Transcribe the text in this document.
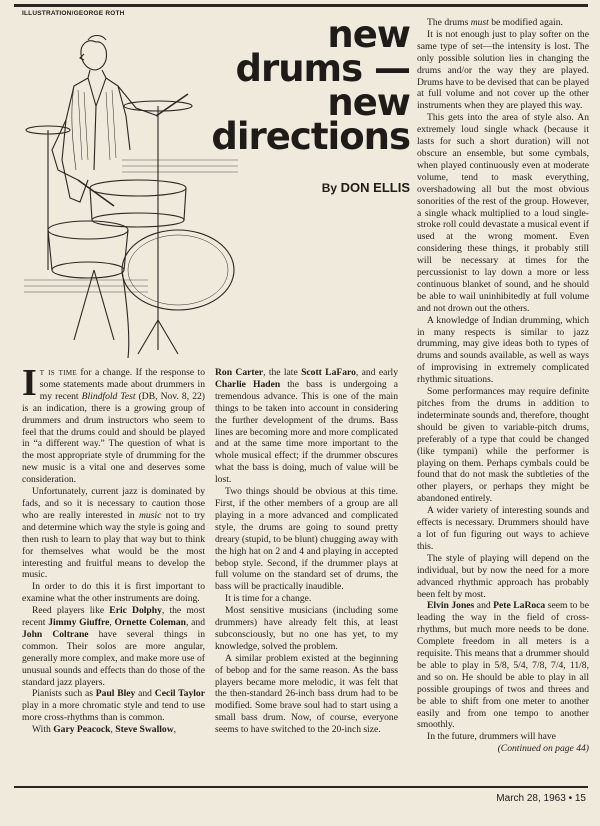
ILLUSTRATION/GEORGE ROTH	new
drums —
new
directions
By DON ELLIS

It is time for a change. If the response to some statements made about drummers in my recent Blindfold Test (DB, Nov. 8, 22) is an indication, there is a growing group of drummers and drum instructors who seem to feel that the drums could and should be played in “a different way.” The question of what is the most appropriate style of drumming for the new music is a vital one and deserves some consideration.

Unfortunately, current jazz is dominated by fads, and so it is necessary to caution those who are really interested in music not to try and determine which way the style is going and then rush to learn to play that way but to think for themselves what would be the most interesting and fruitful means to develop the music.

In order to do this it is first important to examine what the other instruments are doing.

Reed players like Eric Dolphy, the most recent Jimmy Giuffre, Ornette Coleman, and John Coltrane have several things in common. Their solos are more angular, generally more complex, and make more use of unusual sounds and effects than do those of the standard jazz players.

Pianists such as Paul Bley and Cecil Taylor play in a more chromatic style and tend to use more cross-rhythms than is common.

With Gary Peacock, Steve Swallow,

Ron Carter, the late Scott LaFaro, and early Charlie Haden the bass is undergoing a tremendous advance. This is one of the main things to be taken into account in considering the further development of the drums. Bass lines are becoming more and more complicated and at the same time more important to the whole musical effect; if the drummer obscures what the bass is doing, much of value will be lost.

Two things should be obvious at this time. First, if the other members of a group are all playing in a more advanced and complicated style, the drums are going to sound pretty dreary (stupid, to be blunt) chugging away with the high hat on 2 and 4 and playing in accepted bebop style. Second, if the drummer plays at full volume on the standard set of drums, the bass will be practically inaudible.

It is time for a change.

Most sensitive musicians (including some drummers) have already felt this, at least subconsciously, but no one has yet, to my knowledge, solved the problem.

A similar problem existed at the beginning of bebop and for the same reason. As the bass players became more melodic, it was felt that the then-standard 26-inch bass drum had to be modified. Some brave soul had to start using a small bass drum. Now, of course, everyone seems to have switched to the 20-inch size.

The drums must be modified again.

It is not enough just to play softer on the same type of set—the intensity is lost. The only possible solution lies in changing the drums and/or the way they are played. Drums have to be devised that can be played at full volume and not cover up the other instruments when they are played this way.

This gets into the area of style also. An extremely loud single whack (because it lasts for such a short duration) will not obscure an ensemble, but some cymbals, when played continuously even at moderate volume, tend to mask everything, overshadowing all but the most obvious sonorities of the rest of the group. However, a single whack multiplied to a loud single-stroke roll could devastate a musical event if used at the wrong moment. Even considering these things, it probably still will be necessary at times for the percussionist to lay down a more or less continuous blanket of sound, and he should be able to wail uninhibitedly at full volume and not drown out the others.

A knowledge of Indian drumming, which in many respects is similar to jazz drumming, may give ideas both to types of drums and sounds available, as well as ways of improvising in extremely complicated rhythmic situations.

Some performances may require definite pitches from the drums in addition to indeterminate sounds and, therefore, thought should be given to variable-pitch drums, preferably of a type that could be changed (like tympani) while the performer is playing on them. Perhaps cymbals could be found that do not mask the subtleties of the other players, or perhaps they might be abandoned entirely.

A wider variety of interesting sounds and effects is necessary. Drummers should have a lot of fun figuring out ways to achieve this.

The style of playing will depend on the individual, but by now the need for a more advanced rhythmic approach has probably been felt by most.

Elvin Jones and Pete LaRoca seem to be leading the way in the field of cross-rhythms, but much more needs to be done. Complete freedom in all meters is a requisite. This means that a drummer should be able to play in 5/8, 5/4, 7/8, 7/4, 11/8, and so on. He should be able to play in all possible groupings of twos and threes and be able to shift from one meter to another easily and from one tempo to another smoothly.

In the future, drummers will have

(Continued on page 44)

March 28, 1963 • 15
